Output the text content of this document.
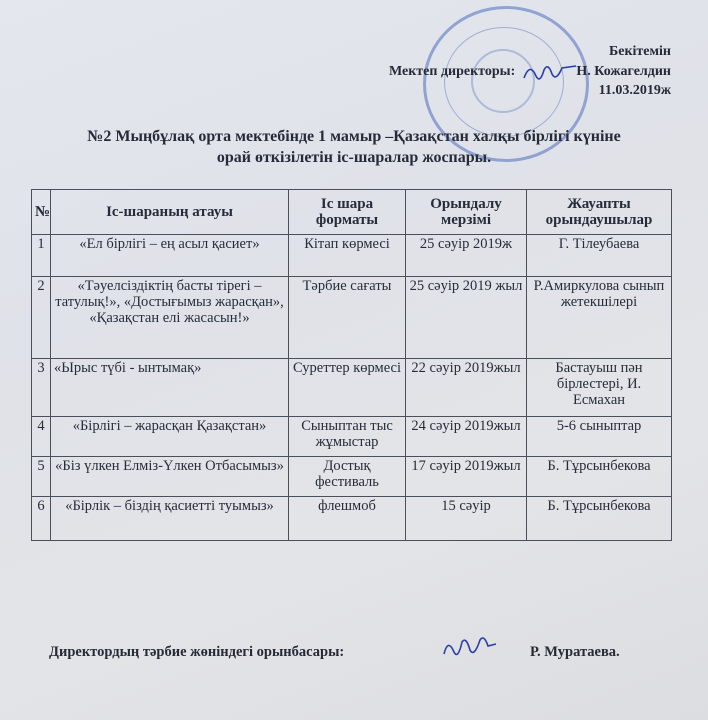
Бекітемін

Мектеп директоры:	Н. Кожагелдин

11.03.2019ж

№2 Мыңбұлақ орта мектебінде 1 мамыр –Қазақстан халқы бірлігі күніне

орай өткізілетін іс-шаралар жоспары.

№	Іс-шараның атауы	Іс шара форматы	Орындалу мерзімі	Жауапты орындаушылар
1	«Ел бірлігі – ең асыл қасиет»	Кітап көрмесі	25 сәуір 2019ж	Г. Тілеубаева
2	«Тәуелсіздіктің басты тірегі – татулық!», «Достығымыз жарасқан», «Қазақстан елі жасасын!»	Тәрбие сағаты	25 сәуір 2019 жыл	Р.Амиркулова сынып жетекшілері
3	«Ырыс түбі - ынтымақ»	Суреттер көрмесі	22 сәуір 2019жыл	Бастауыш пән бірлестері, И. Есмахан
4	«Бірлігі – жарасқан Қазақстан»	Сыныптан тыс жұмыстар	24 сәуір 2019жыл	5-6 сыныптар
5	«Біз үлкен Елміз-Үлкен Отбасымыз»	Достық фестиваль	17 сәуір 2019жыл	Б. Тұрсынбекова
6	«Бірлік – біздің қасиетті туымыз»	флешмоб	15 сәуір	Б. Тұрсынбекова

Директордың тәрбие жөніндегі орынбасары:	Р. Муратаева.
